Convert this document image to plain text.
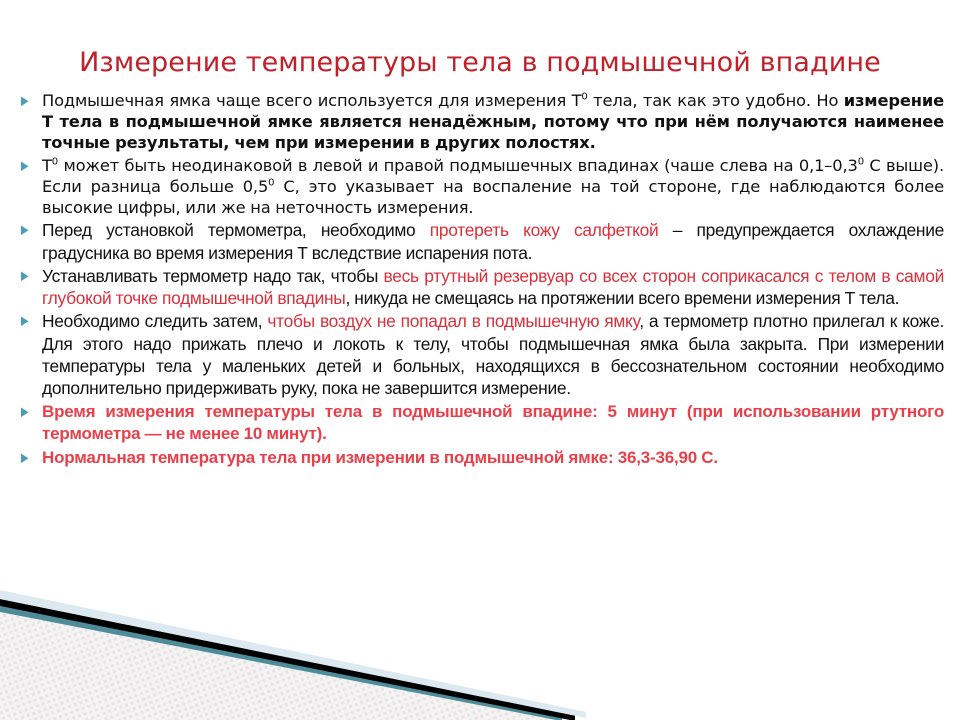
Измерение температуры тела в подмышечной впадине
Подмышечная ямка чаще всего используется для измерения $Т^0$ тела, так как это удобно. Но измерение Т тела в подмышечной ямке является ненадёжным, потому что при нём получаются наименее точные результаты, чем при измерении в других полостях.
$Т^0$ может быть неодинаковой в левой и правой подмышечных впадинах (чаше слева на $0,1-0,3^0$ С выше). Если разница больше $0,5^0$ С, это указывает на воспаление на той стороне, где наблюдаются более высокие цифры, или же на неточность измерения.
Перед установкой термометра, необходимо протереть кожу салфеткой – предупреждается охлаждение градусника во время измерения Т вследствие испарения пота.
Устанавливать термометр надо так, чтобы весь ртутный резервуар со всех сторон соприкасался с телом в самой глубокой точке подмышечной впадины, никуда не смещаясь на протяжении всего времени измерения Т тела.
Необходимо следить затем, чтобы воздух не попадал в подмышечную ямку, а термометр плотно прилегал к коже. Для этого надо прижать плечо и локоть к телу, чтобы подмышечная ямка была закрыта. При измерении температуры тела у маленьких детей и больных, находящихся в бессознательном состоянии необходимо дополнительно придерживать руку, пока не завершится измерение.
Время измерения температуры тела в подмышечной впадине: 5 минут (при использовании ртутного термометра — не менее 10 минут).
Нормальная температура тела при измерении в подмышечной ямке: 36,3-36,90 С.
